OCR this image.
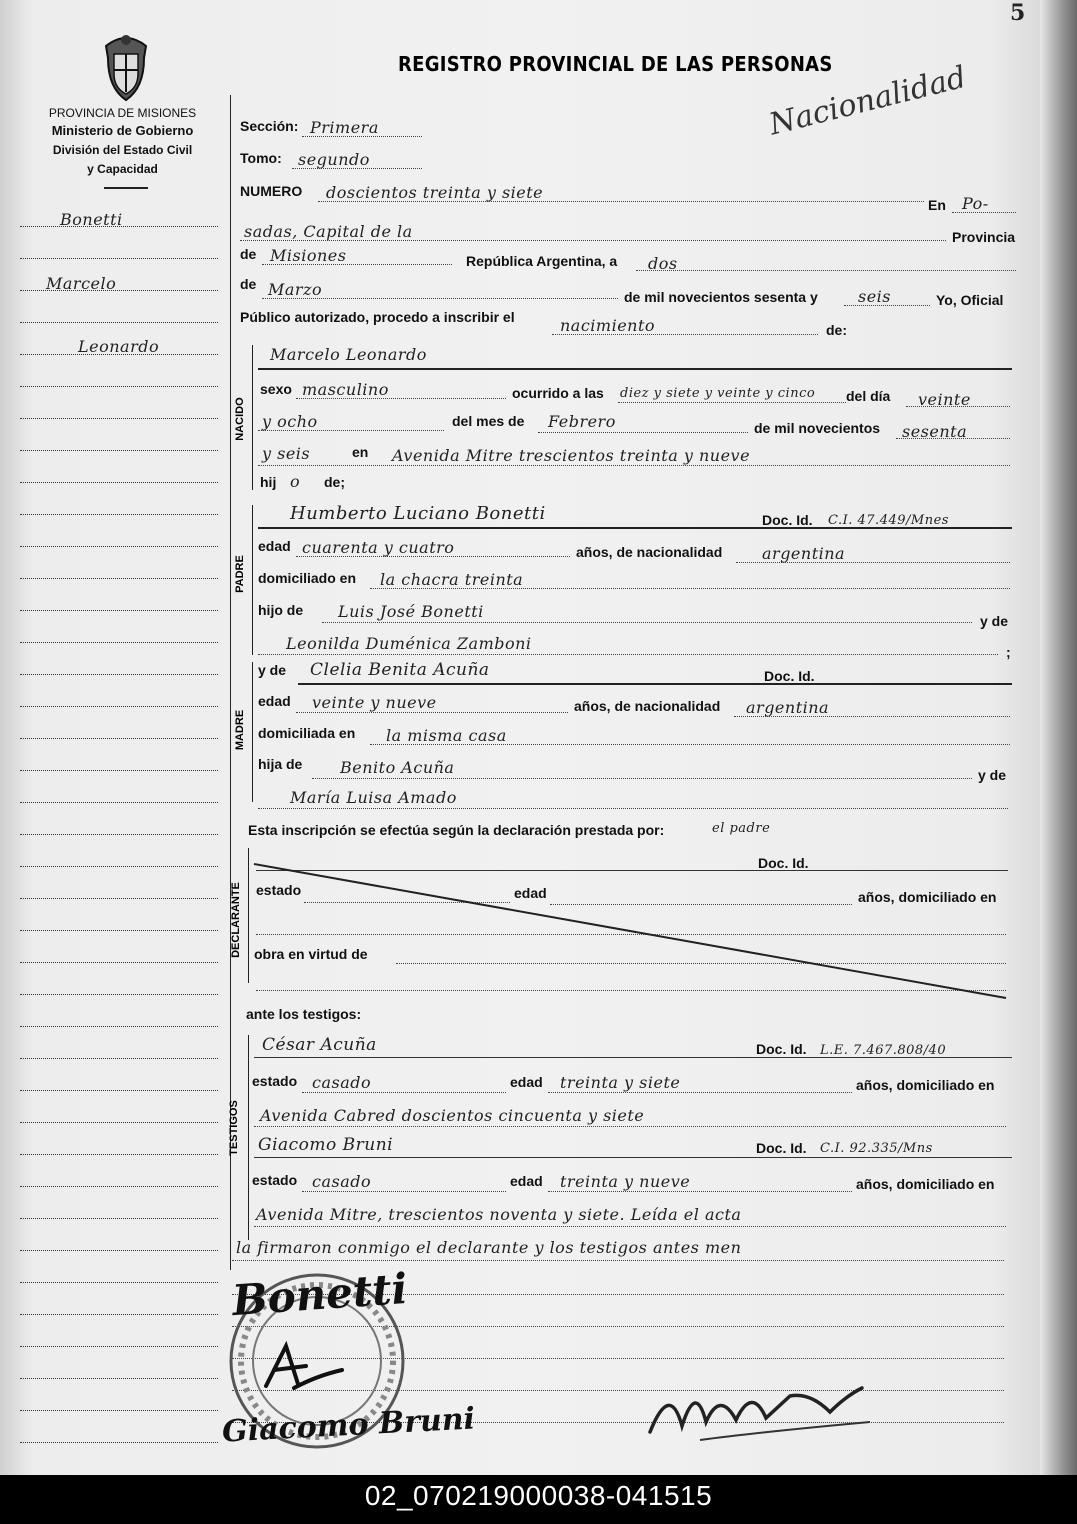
PROVINCIA DE MISIONES
Ministerio de Gobierno
División del Estado Civil
y Capacidad
Bonetti
Marcelo
Leonardo
NACIDO
PADRE
MADRE
DECLARANTE
TESTIGOS
REGISTRO PROVINCIAL DE LAS PERSONAS
Nacionalidad
5
Sección: Primera
Tomo: segundo
NUMERO doscientos treinta y siete
En Po-
sadas, Capital de la	Provincia
de Misiones	República Argentina, a dos
de Marzo	de mil novecientos sesenta y	seis	Yo, Oficial
Público autorizado, procedo a inscribir el	nacimiento	de:
Marcelo Leonardo
sexo masculino	ocurrido a las diez y siete y veinte y cinco del día veinte
y ocho	del mes de Febrero	de mil novecientos sesenta
y seis	en Avenida Mitre trescientos treinta y nueve
hij o de;
Humberto Luciano Bonetti	Doc. Id. C.I. 47.449/Mnes
edad cuarenta y cuatro	años, de nacionalidad argentina
domiciliado en la chacra treinta
hijo de Luis José Bonetti	y de
Leonilda Duménica Zamboni	;
y de Clelia Benita Acuña	Doc. Id.
edad veinte y nueve	años, de nacionalidad argentina
domiciliada en la misma casa
hija de Benito Acuña	y de
María Luisa Amado
Esta inscripción se efectúa según la declaración prestada por:	el padre
Doc. Id.
estado	edad	años, domiciliado en
obra en virtud de
ante los testigos:
César Acuña	Doc. Id. L.E. 7.467.808/40
estado casado	edad treinta y siete	años, domiciliado en
Avenida Cabred doscientos cincuenta y siete
Giacomo Bruni	Doc. Id. C.I. 92.335/Mns
estado casado	edad treinta y nueve	años, domiciliado en
Avenida Mitre, trescientos noventa y siete. Leída el acta
la firmaron conmigo el declarante y los testigos antes men
Bonetti
Giacomo Bruni
02_070219000038-041515
